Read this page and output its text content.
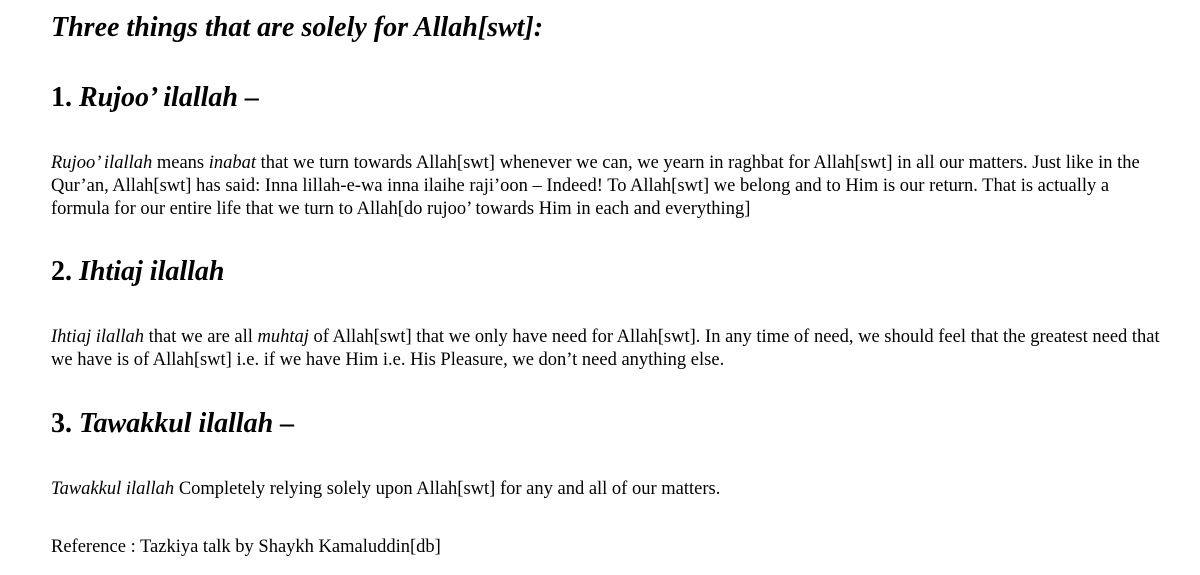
Three things that are solely for Allah[swt]:
1. Rujoo’ ilallah –

Rujoo’ ilallah means inabat that we turn towards Allah[swt] whenever we can, we yearn in raghbat for Allah[swt] in all our matters. Just like in the Qur’an, Allah[swt] has said: Inna lillah-e-wa inna ilaihe raji’oon – Indeed! To Allah[swt] we belong and to Him is our return. That is actually a formula for our entire life that we turn to Allah[do rujoo’ towards Him in each and everything]

2. Ihtiaj ilallah

Ihtiaj ilallah that we are all muhtaj of Allah[swt] that we only have need for Allah[swt]. In any time of need, we should feel that the greatest need that we have is of Allah[swt] i.e. if we have Him i.e. His Pleasure, we don’t need anything else.

3. Tawakkul ilallah –

Tawakkul ilallah Completely relying solely upon Allah[swt] for any and all of our matters.

Reference : Tazkiya talk by Shaykh Kamaluddin[db]
